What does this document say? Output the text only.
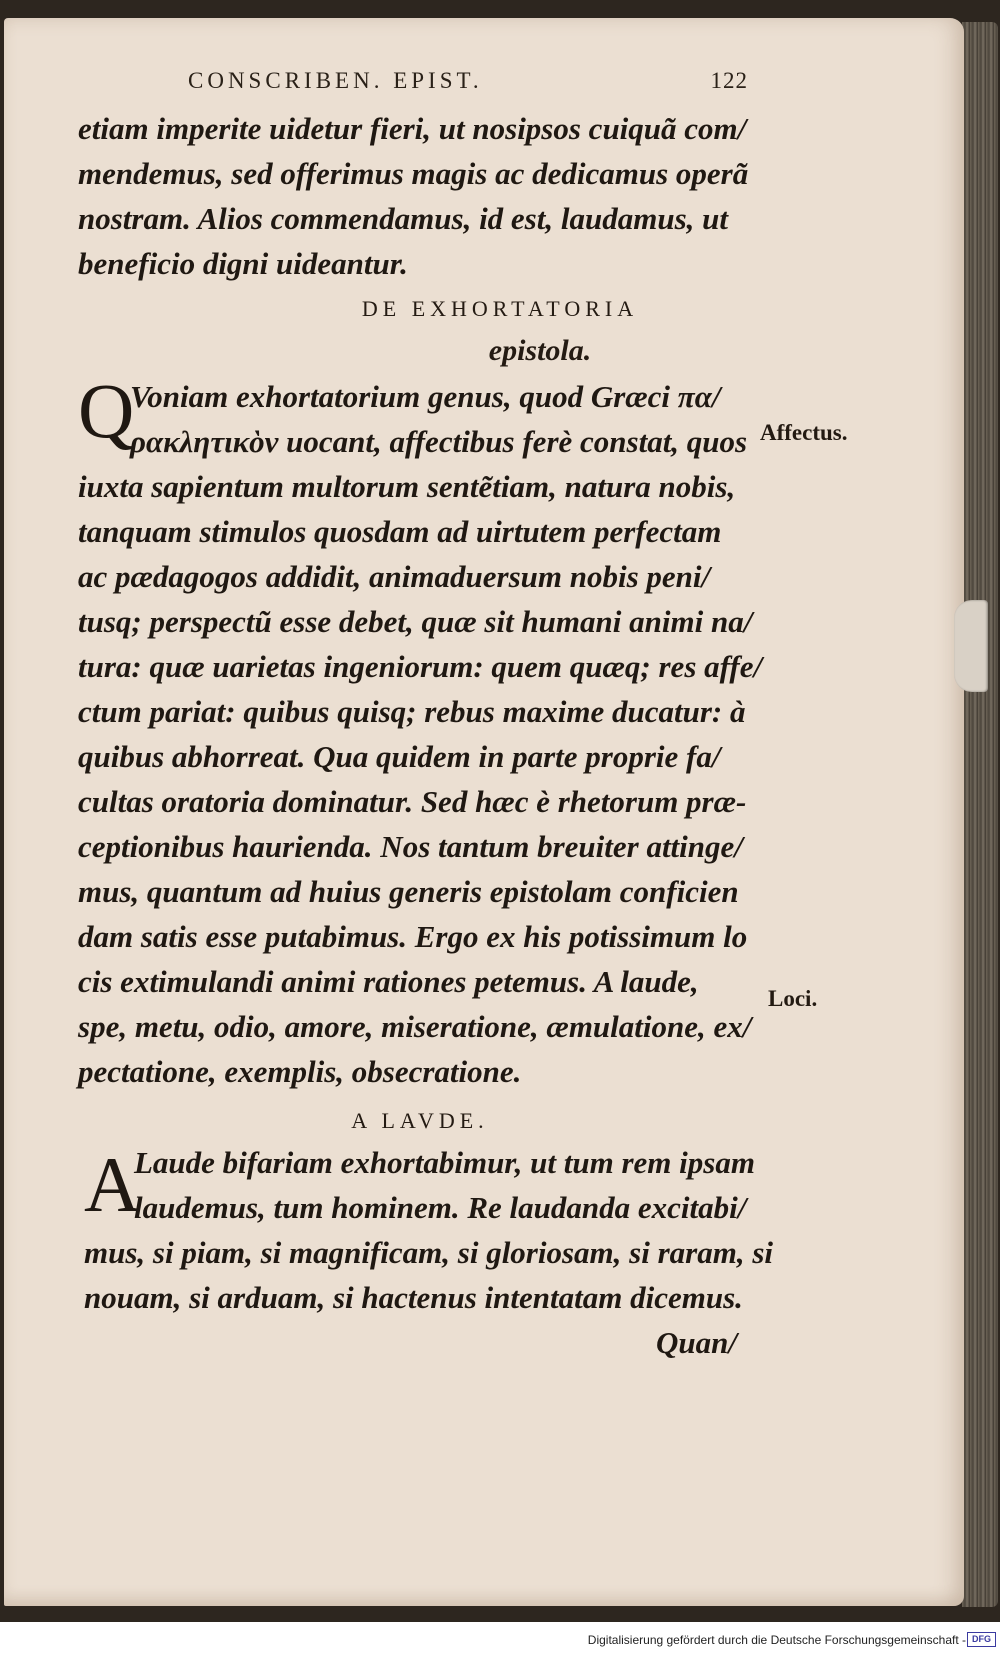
CONSCRIBEN. EPIST.	122
etiam imperite uidetur fieri, ut nosipsos cuiquã com/
mendemus, sed offerimus magis ac dedicamus operã
nostram. Alios commendamus, id est, laudamus, ut
beneficio digni uideantur.
DE EXHORTATORIA
epistola.
Q
Voniam exhortatorium genus, quod Græci πα/
ρακλητικὸν uocant, affectibus ferè constat, quos
iuxta sapientum multorum sentẽtiam, natura nobis,
tanquam stimulos quosdam ad uirtutem perfectam
ac pædagogos addidit, animaduersum nobis peni/
tusq; perspectũ esse debet, quæ sit humani animi na/
tura: quæ uarietas ingeniorum: quem quæq; res affe/
ctum pariat: quibus quisq; rebus maxime ducatur: à
quibus abhorreat. Qua quidem in parte proprie fa/
cultas oratoria dominatur. Sed hæc è rhetorum præ-
ceptionibus haurienda. Nos tantum breuiter attinge/
mus, quantum ad huius generis epistolam conficien
dam satis esse putabimus. Ergo ex his potissimum lo
cis extimulandi animi rationes petemus. A laude,
spe, metu, odio, amore, miseratione, æmulatione, ex/
pectatione, exemplis, obsecratione.
Affectus.
Loci.
A LAVDE.
A
Laude bifariam exhortabimur, ut tum rem ipsam
laudemus, tum hominem. Re laudanda excitabi/
mus, si piam, si magnificam, si gloriosam, si raram, si
nouam, si arduam, si hactenus intentatam dicemus.
Quan/
Digitalisierung gefördert durch die Deutsche Forschungsgemeinschaft - DFG
